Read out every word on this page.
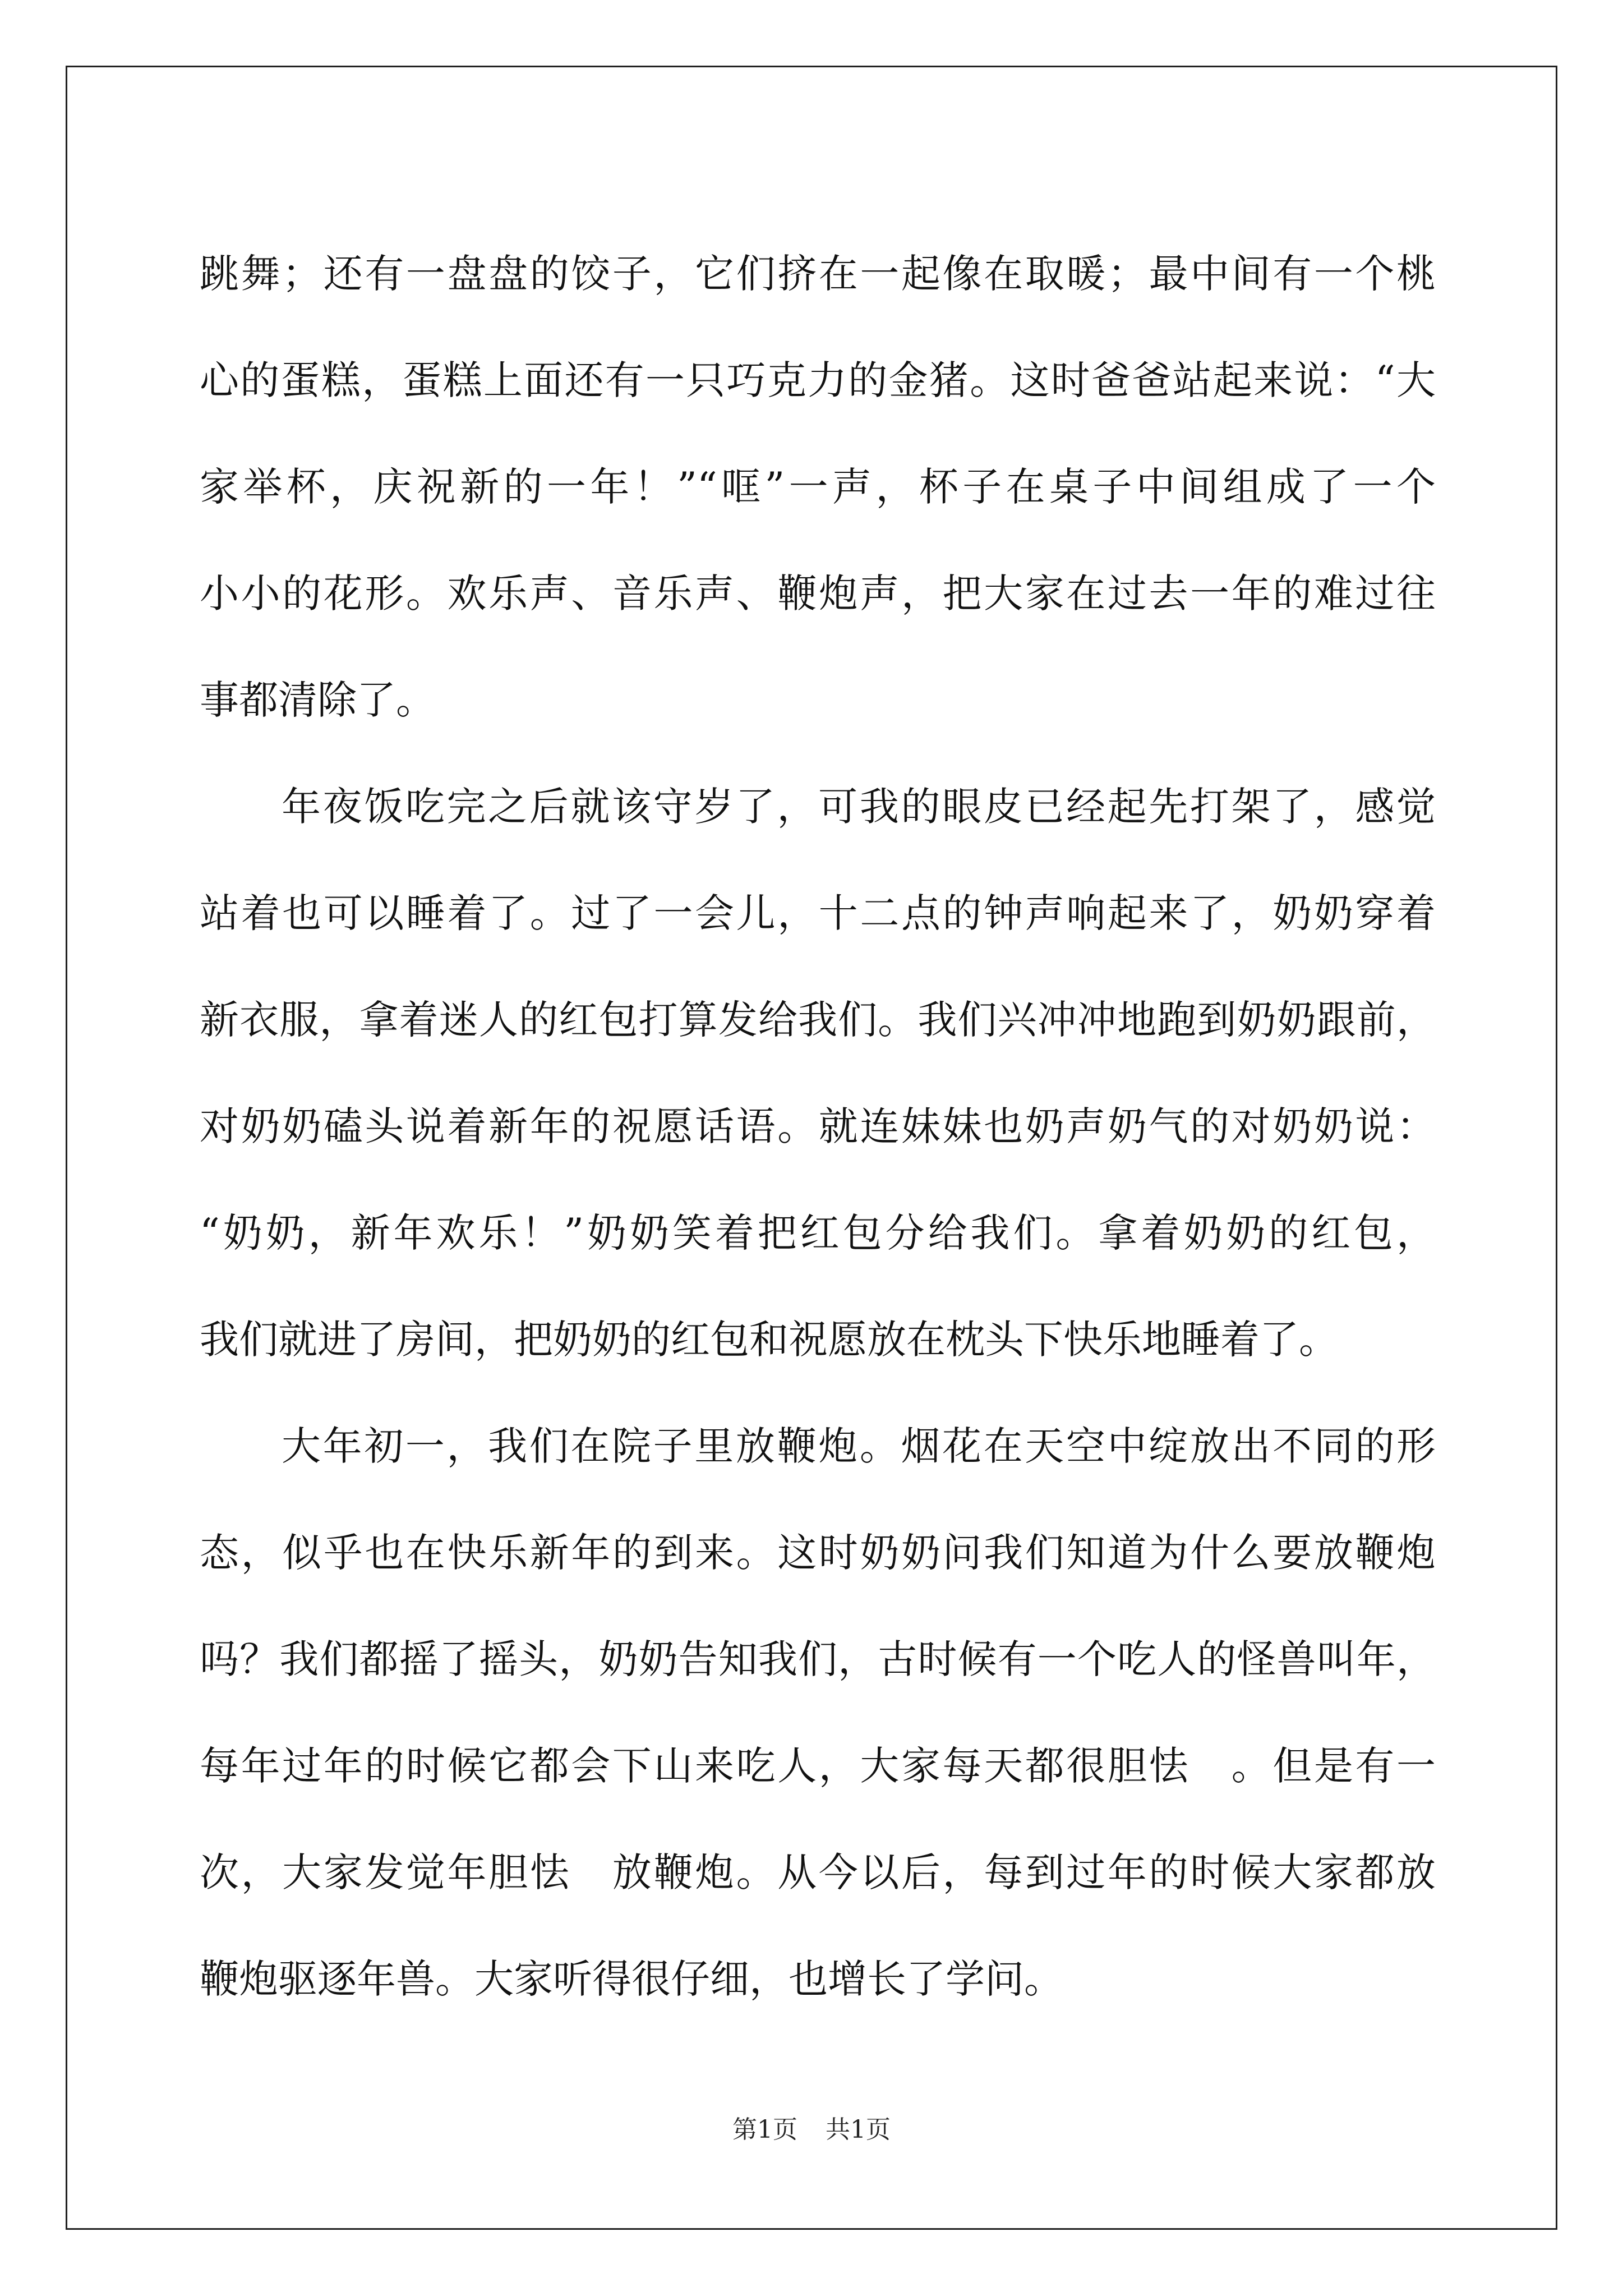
跳舞；还有一盘盘的饺子，它们挤在一起像在取暖；最中间有一个桃
心的蛋糕，蛋糕上面还有一只巧克力的金猪。这时爸爸站起来说：“大
家举杯，庆祝新的一年！”“哐”一声，杯子在桌子中间组成了一个
小小的花形。欢乐声、音乐声、鞭炮声，把大家在过去一年的难过往
事都清除了。
年夜饭吃完之后就该守岁了，可我的眼皮已经起先打架了，感觉
站着也可以睡着了。过了一会儿，十二点的钟声响起来了，奶奶穿着
新衣服，拿着迷人的红包打算发给我们。我们兴冲冲地跑到奶奶跟前，
对奶奶磕头说着新年的祝愿话语。就连妹妹也奶声奶气的对奶奶说：
“奶奶，新年欢乐！”奶奶笑着把红包分给我们。拿着奶奶的红包，
我们就进了房间，把奶奶的红包和祝愿放在枕头下快乐地睡着了。
大年初一，我们在院子里放鞭炮。烟花在天空中绽放出不同的形
态，似乎也在快乐新年的到来。这时奶奶问我们知道为什么要放鞭炮
吗？我们都摇了摇头，奶奶告知我们，古时候有一个吃人的怪兽叫年，
每年过年的时候它都会下山来吃人，大家每天都很胆怯　。但是有一
次，大家发觉年胆怯　放鞭炮。从今以后，每到过年的时候大家都放
鞭炮驱逐年兽。大家听得很仔细，也增长了学问。
第1页 共1页
